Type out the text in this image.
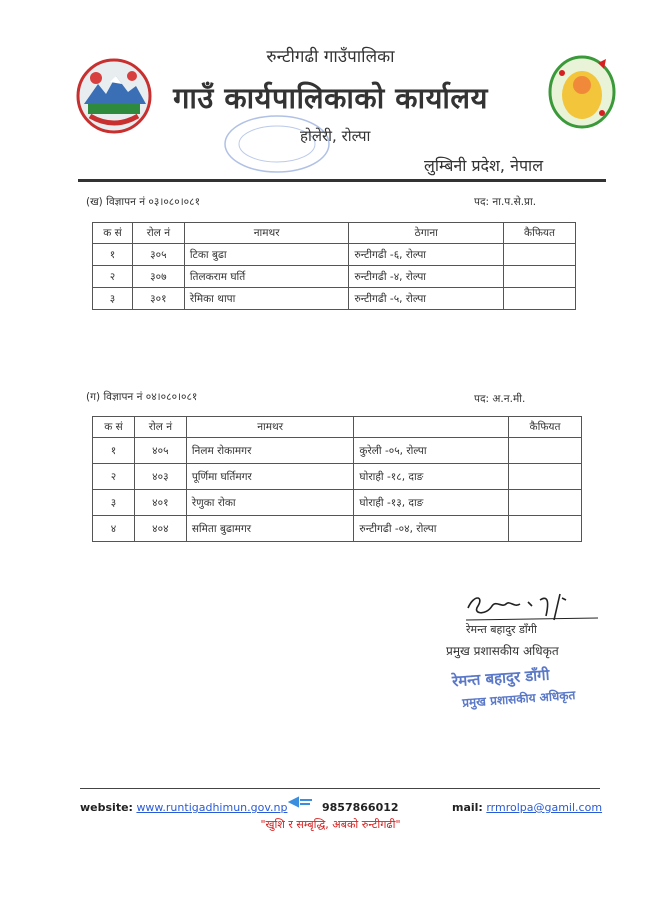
रुन्टीगढी गाउँपालिका
गाउँ कार्यपालिकाको कार्यालय
होलेरी, रोल्पा
लुम्बिनी प्रदेश, नेपाल
(ख) विज्ञापन नं ०३।०८०।०८१	पद: ना.प.से.प्रा.
क सं	रोल नं	नामथर	ठेगाना	कैफियत
१	३०५	टिका बुढा	रुन्टीगढी -६, रोल्पा	
२	३०७	तिलकराम घर्ति	रुन्टीगढी -४, रोल्पा	
३	३०१	रेमिका थापा	रुन्टीगढी -५, रोल्पा	
(ग) विज्ञापन नं ०४।०८०।०८१	पद: अ.न.मी.
क सं	रोल नं	नामथर		कैफियत
१	४०५	निलम रोकामगर	कुरेली -०५, रोल्पा	
२	४०३	पूर्णिमा घर्तिमगर	घोराही -१८, दाङ	
३	४०१	रेणुका रोका	घोराही -१३, दाङ	
४	४०४	समिता बुढामगर	रुन्टीगढी -०४, रोल्पा	
रेमन्त बहादुर डाँगी
प्रमुख प्रशासकीय अधिकृत
रेमन्त बहादुर डाँगी
प्रमुख प्रशासकीय अधिकृत
website: www.runtigadhimun.gov.np	9857866012	mail: rrmrolpa@gamil.com
"खुशि र सम्बृद्धि, अबको रुन्टीगढी"
